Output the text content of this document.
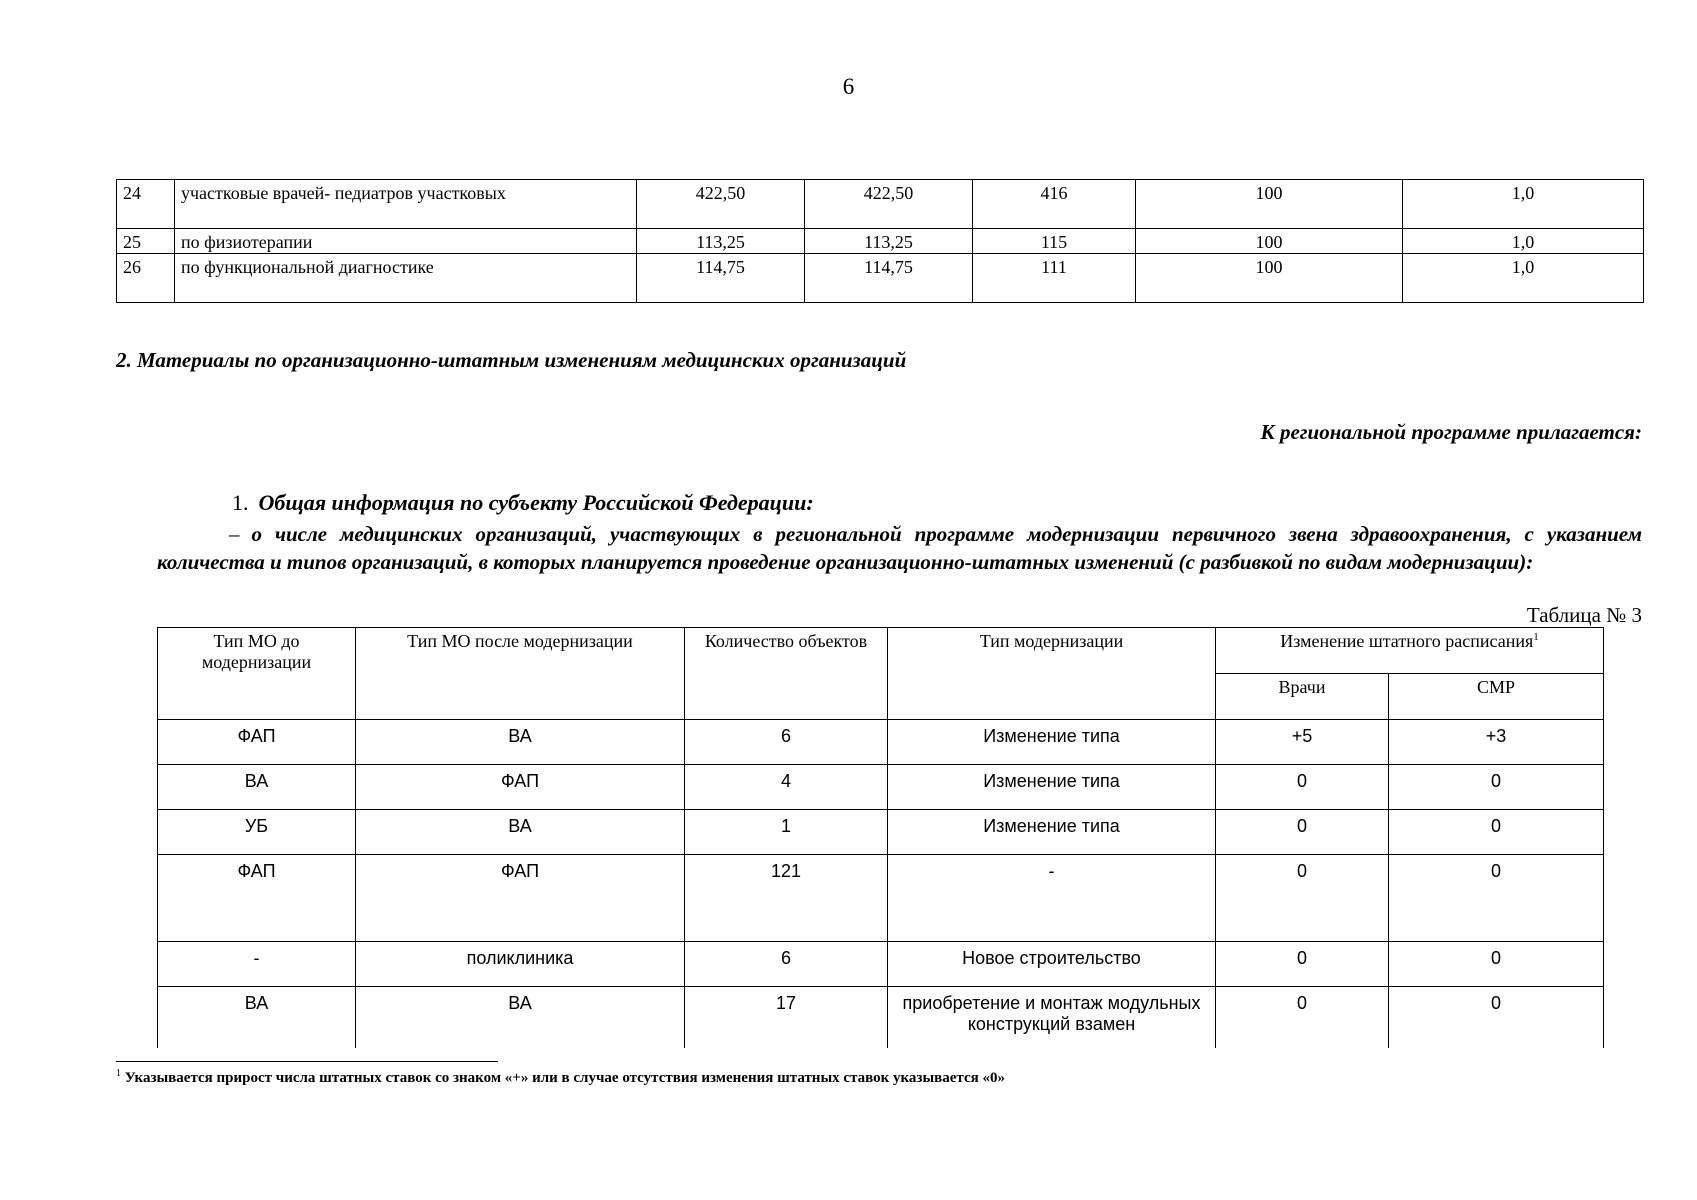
6
24	участковые врачей- педиатров участковых	422,50	422,50	416	100	1,0
25	по физиотерапии	113,25	113,25	115	100	1,0
26	по функциональной диагностике	114,75	114,75	111	100	1,0
2. Материалы по организационно-штатным изменениям медицинских организаций
К региональной программе прилагается:
1. Общая информация по субъекту Российской Федерации:
– о числе медицинских организаций, участвующих в региональной программе модернизации первичного звена здравоохранения, с указанием количества и типов организаций, в которых планируется проведение организационно-штатных изменений (с разбивкой по видам модернизации):
Таблица № 3
Тип МО до модернизации	Тип МО после модернизации	Количество объектов	Тип модернизации	Изменение штатного расписания$^1$
				Врачи	СМР
ФАП	ВА	6	Изменение типа	+5	+3
ВА	ФАП	4	Изменение типа	0	0
УБ	ВА	1	Изменение типа	0	0
ФАП	ФАП	121	-	0	0
-	поликлиника	6	Новое строительство	0	0
ВА	ВА	17	приобретение и монтаж модульных конструкций взамен	0	0
$^1$ Указывается прирост числа штатных ставок со знаком «+» или в случае отсутствия изменения штатных ставок указывается «0»
